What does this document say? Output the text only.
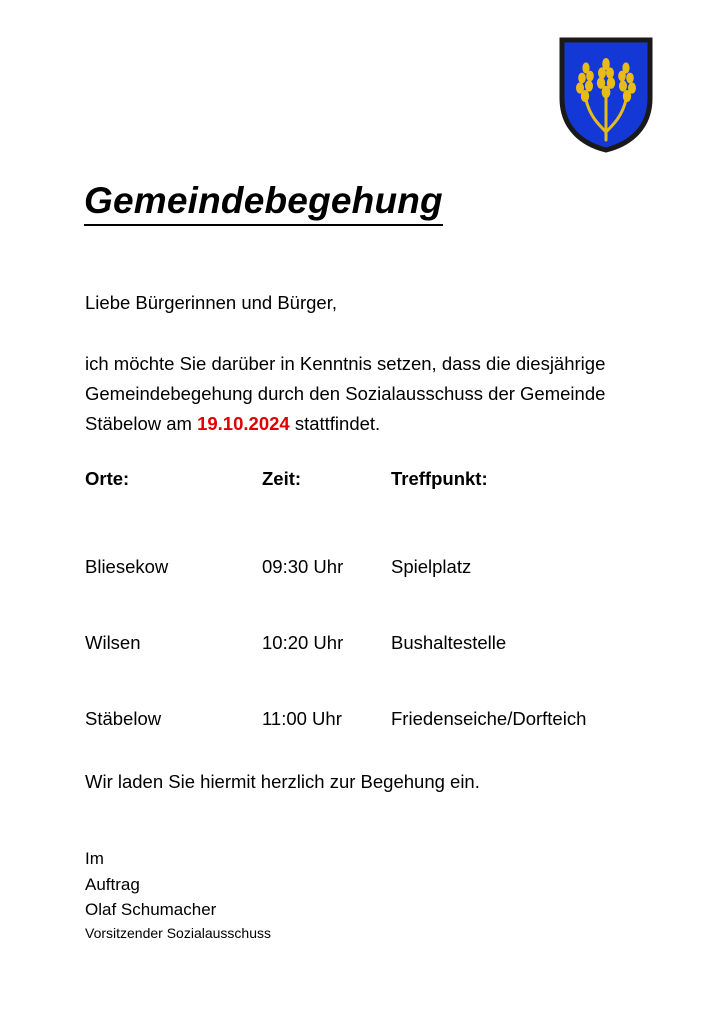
Gemeindebegehung
Liebe Bürgerinnen und Bürger,

ich möchte Sie darüber in Kenntnis setzen, dass die diesjährige Gemeindebegehung durch den Sozialausschuss der Gemeinde Stäbelow am 19.10.2024 stattfindet.

Orte:	Zeit:	Treffpunkt:
Bliesekow	09:30 Uhr	Spielplatz
Wilsen	10:20 Uhr	Bushaltestelle
Stäbelow	11:00 Uhr	Friedenseiche/Dorfteich
Wir laden Sie hiermit herzlich zur Begehung ein.
Im
Auftrag
Olaf Schumacher
Vorsitzender Sozialausschuss
